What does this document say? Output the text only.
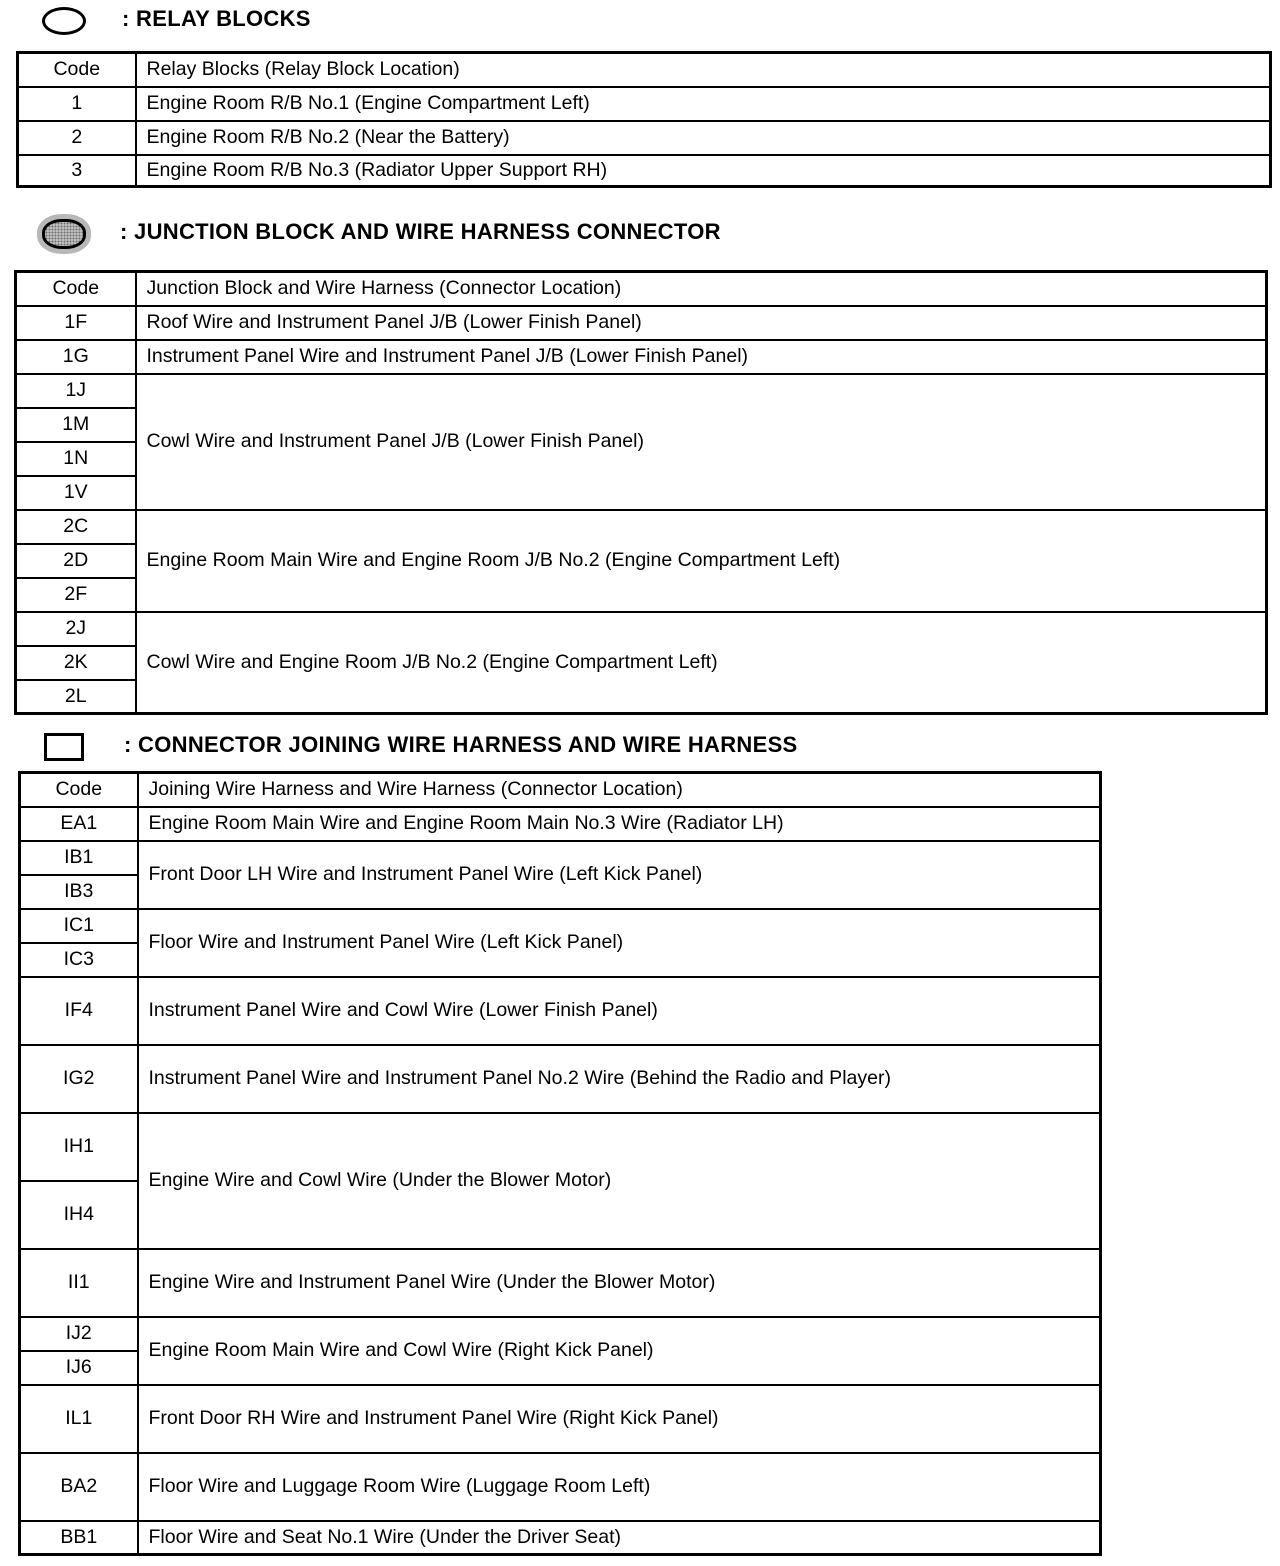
: RELAY BLOCKS
Code	Relay Blocks (Relay Block Location)
1	Engine Room R/B No.1 (Engine Compartment Left)
2	Engine Room R/B No.2 (Near the Battery)
3	Engine Room R/B No.3 (Radiator Upper Support RH)
: JUNCTION BLOCK AND WIRE HARNESS CONNECTOR
Code	Junction Block and Wire Harness (Connector Location)
1F	Roof Wire and Instrument Panel J/B (Lower Finish Panel)
1G	Instrument Panel Wire and Instrument Panel J/B (Lower Finish Panel)
1J	Cowl Wire and Instrument Panel J/B (Lower Finish Panel)
1M	
1N	
1V	
2C	Engine Room Main Wire and Engine Room J/B No.2 (Engine Compartment Left)
2D	
2F	
2J	Cowl Wire and Engine Room J/B No.2 (Engine Compartment Left)
2K	
2L	
: CONNECTOR JOINING WIRE HARNESS AND WIRE HARNESS
Code	Joining Wire Harness and Wire Harness (Connector Location)
EA1	Engine Room Main Wire and Engine Room Main No.3 Wire (Radiator LH)
IB1	Front Door LH Wire and Instrument Panel Wire (Left Kick Panel)
IB3	
IC1	Floor Wire and Instrument Panel Wire (Left Kick Panel)
IC3	
IF4	Instrument Panel Wire and Cowl Wire (Lower Finish Panel)
IG2	Instrument Panel Wire and Instrument Panel No.2 Wire (Behind the Radio and Player)
IH1	Engine Wire and Cowl Wire (Under the Blower Motor)
IH4	
II1	Engine Wire and Instrument Panel Wire (Under the Blower Motor)
IJ2	Engine Room Main Wire and Cowl Wire (Right Kick Panel)
IJ6	
IL1	Front Door RH Wire and Instrument Panel Wire (Right Kick Panel)
BA2	Floor Wire and Luggage Room Wire (Luggage Room Left)
BB1	Floor Wire and Seat No.1 Wire (Under the Driver Seat)
